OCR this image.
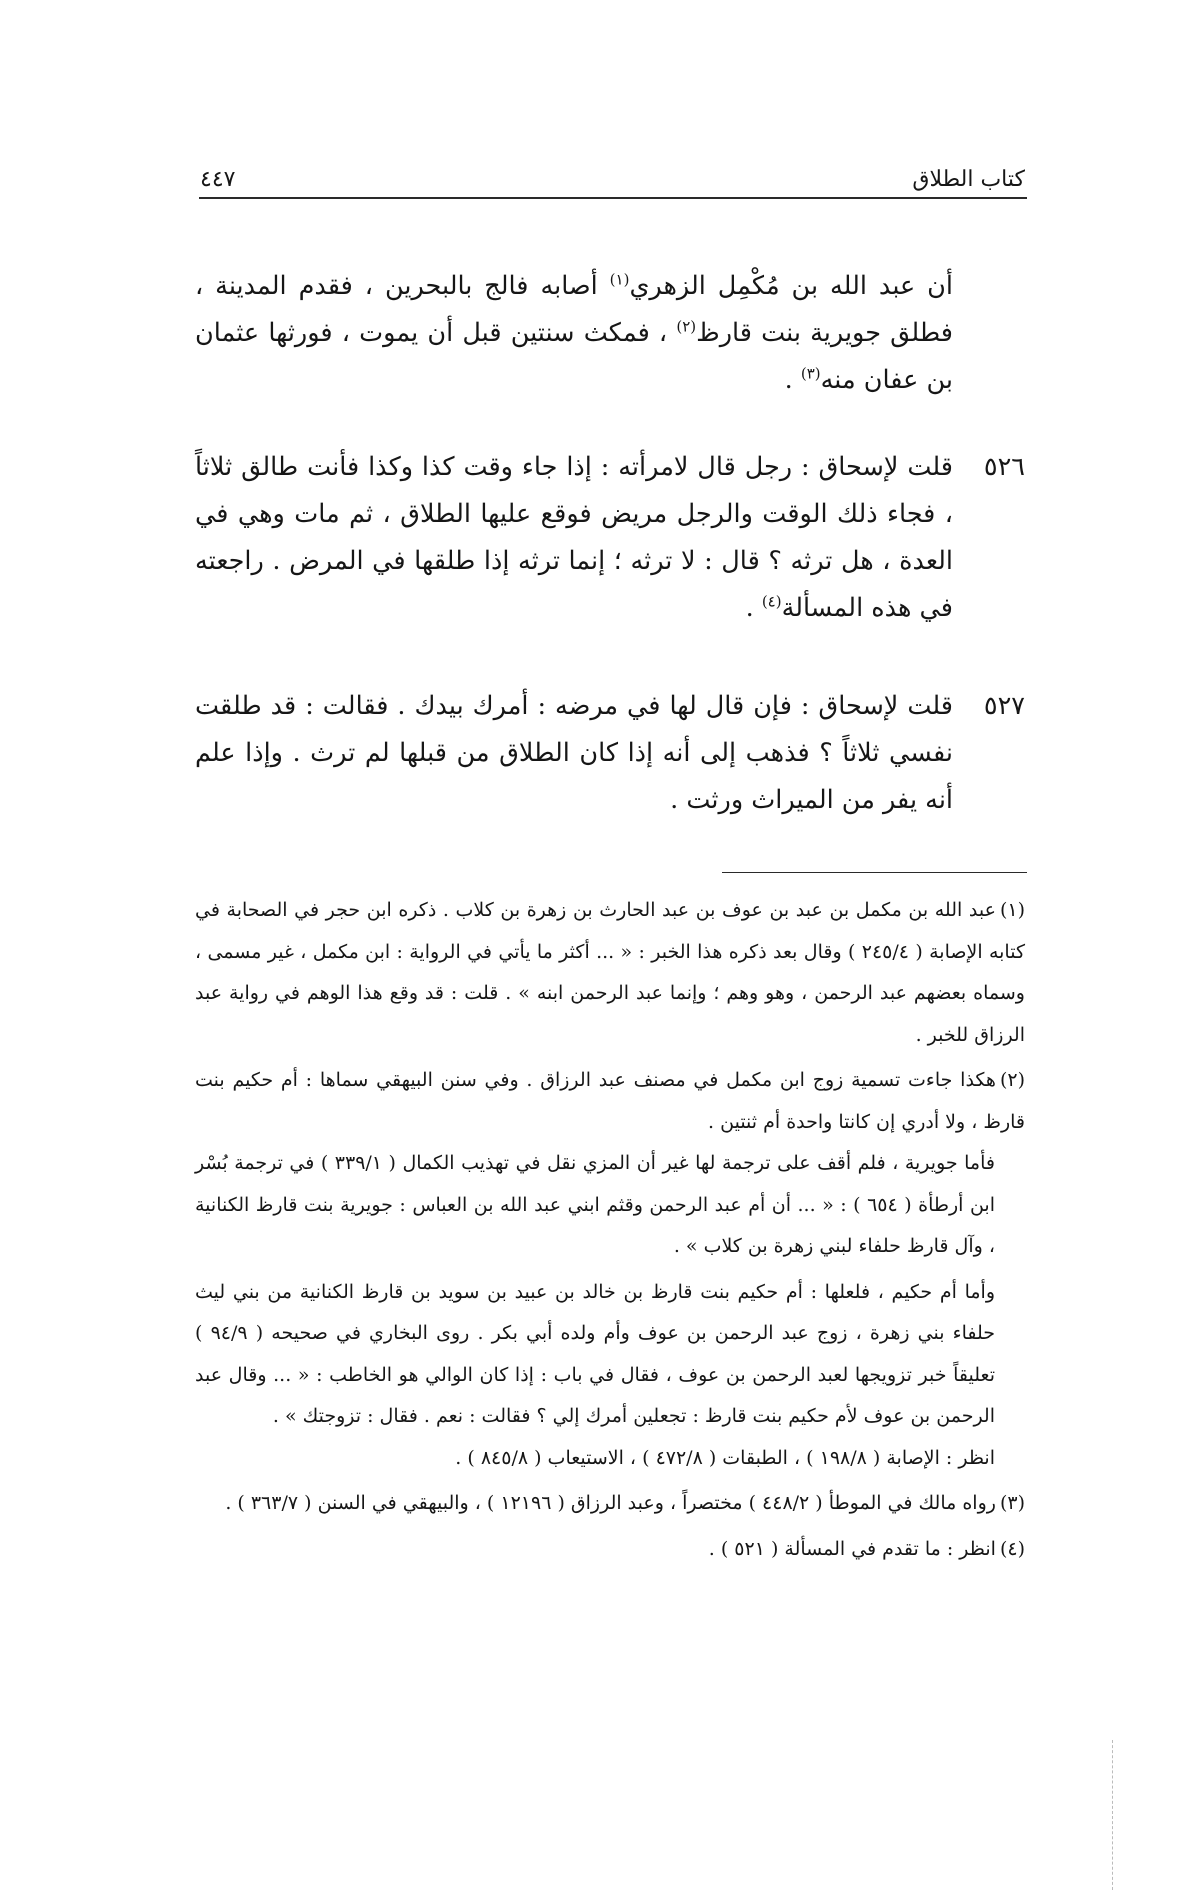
كتاب الطلاق
٤٤٧

أن عبد الله بن مُكْمِل الزهري$^{(١)}$ أصابه فالج بالبحرين ، فقدم المدينة ، فطلق جويرية بنت قارظ$^{(٢)}$ ، فمكث سنتين قبل أن يموت ، فورثها عثمان بن عفان منه$^{(٣)}$ .

٥٢٦

قلت لإسحاق : رجل قال لامرأته : إذا جاء وقت كذا وكذا فأنت طالق ثلاثاً ، فجاء ذلك الوقت والرجل مريض فوقع عليها الطلاق ، ثم مات وهي في العدة ، هل ترثه ؟ قال : لا ترثه ؛ إنما ترثه إذا طلقها في المرض . راجعته في هذه المسألة$^{(٤)}$ .

٥٢٧

قلت لإسحاق : فإن قال لها في مرضه : أمرك بيدك . فقالت : قد طلقت نفسي ثلاثاً ؟ فذهب إلى أنه إذا كان الطلاق من قبلها لم ترث . وإذا علم أنه يفر من الميراث ورثت .

(١)عبد الله بن مكمل بن عبد بن عوف بن عبد الحارث بن زهرة بن كلاب . ذكره ابن حجر في الصحابة في كتابه الإصابة ( ٢٤٥/٤ ) وقال بعد ذكره هذا الخبر : « ... أكثر ما يأتي في الرواية : ابن مكمل ، غير مسمى ، وسماه بعضهم عبد الرحمن ، وهو وهم ؛ وإنما عبد الرحمن ابنه » . قلت : قد وقع هذا الوهم في رواية عبد الرزاق للخبر .
(٢)هكذا جاءت تسمية زوج ابن مكمل في مصنف عبد الرزاق . وفي سنن البيهقي سماها : أم حكيم بنت قارظ ، ولا أدري إن كانتا واحدة أم ثنتين .
فأما جويرية ، فلم أقف على ترجمة لها غير أن المزي نقل في تهذيب الكمال ( ٣٣٩/١ ) في ترجمة بُسْر ابن أرطأة ( ٦٥٤ ) : « ... أن أم عبد الرحمن وقثم ابني عبد الله بن العباس : جويرية بنت قارظ الكنانية ، وآل قارظ حلفاء لبني زهرة بن كلاب » .
وأما أم حكيم ، فلعلها : أم حكيم بنت قارظ بن خالد بن عبيد بن سويد بن قارظ الكنانية من بني ليث حلفاء بني زهرة ، زوج عبد الرحمن بن عوف وأم ولده أبي بكر . روى البخاري في صحيحه ( ٩٤/٩ ) تعليقاً خبر تزويجها لعبد الرحمن بن عوف ، فقال في باب : إذا كان الوالي هو الخاطب : « ... وقال عبد الرحمن بن عوف لأم حكيم بنت قارظ : تجعلين أمرك إلي ؟ فقالت : نعم . فقال : تزوجتك » .
انظر : الإصابة ( ١٩٨/٨ ) ، الطبقات ( ٤٧٢/٨ ) ، الاستيعاب ( ٨٤٥/٨ ) .
(٣)رواه مالك في الموطأ ( ٤٤٨/٢ ) مختصراً ، وعبد الرزاق ( ١٢١٩٦ ) ، والبيهقي في السنن ( ٣٦٣/٧ ) .
(٤)انظر : ما تقدم في المسألة ( ٥٢١ ) .
